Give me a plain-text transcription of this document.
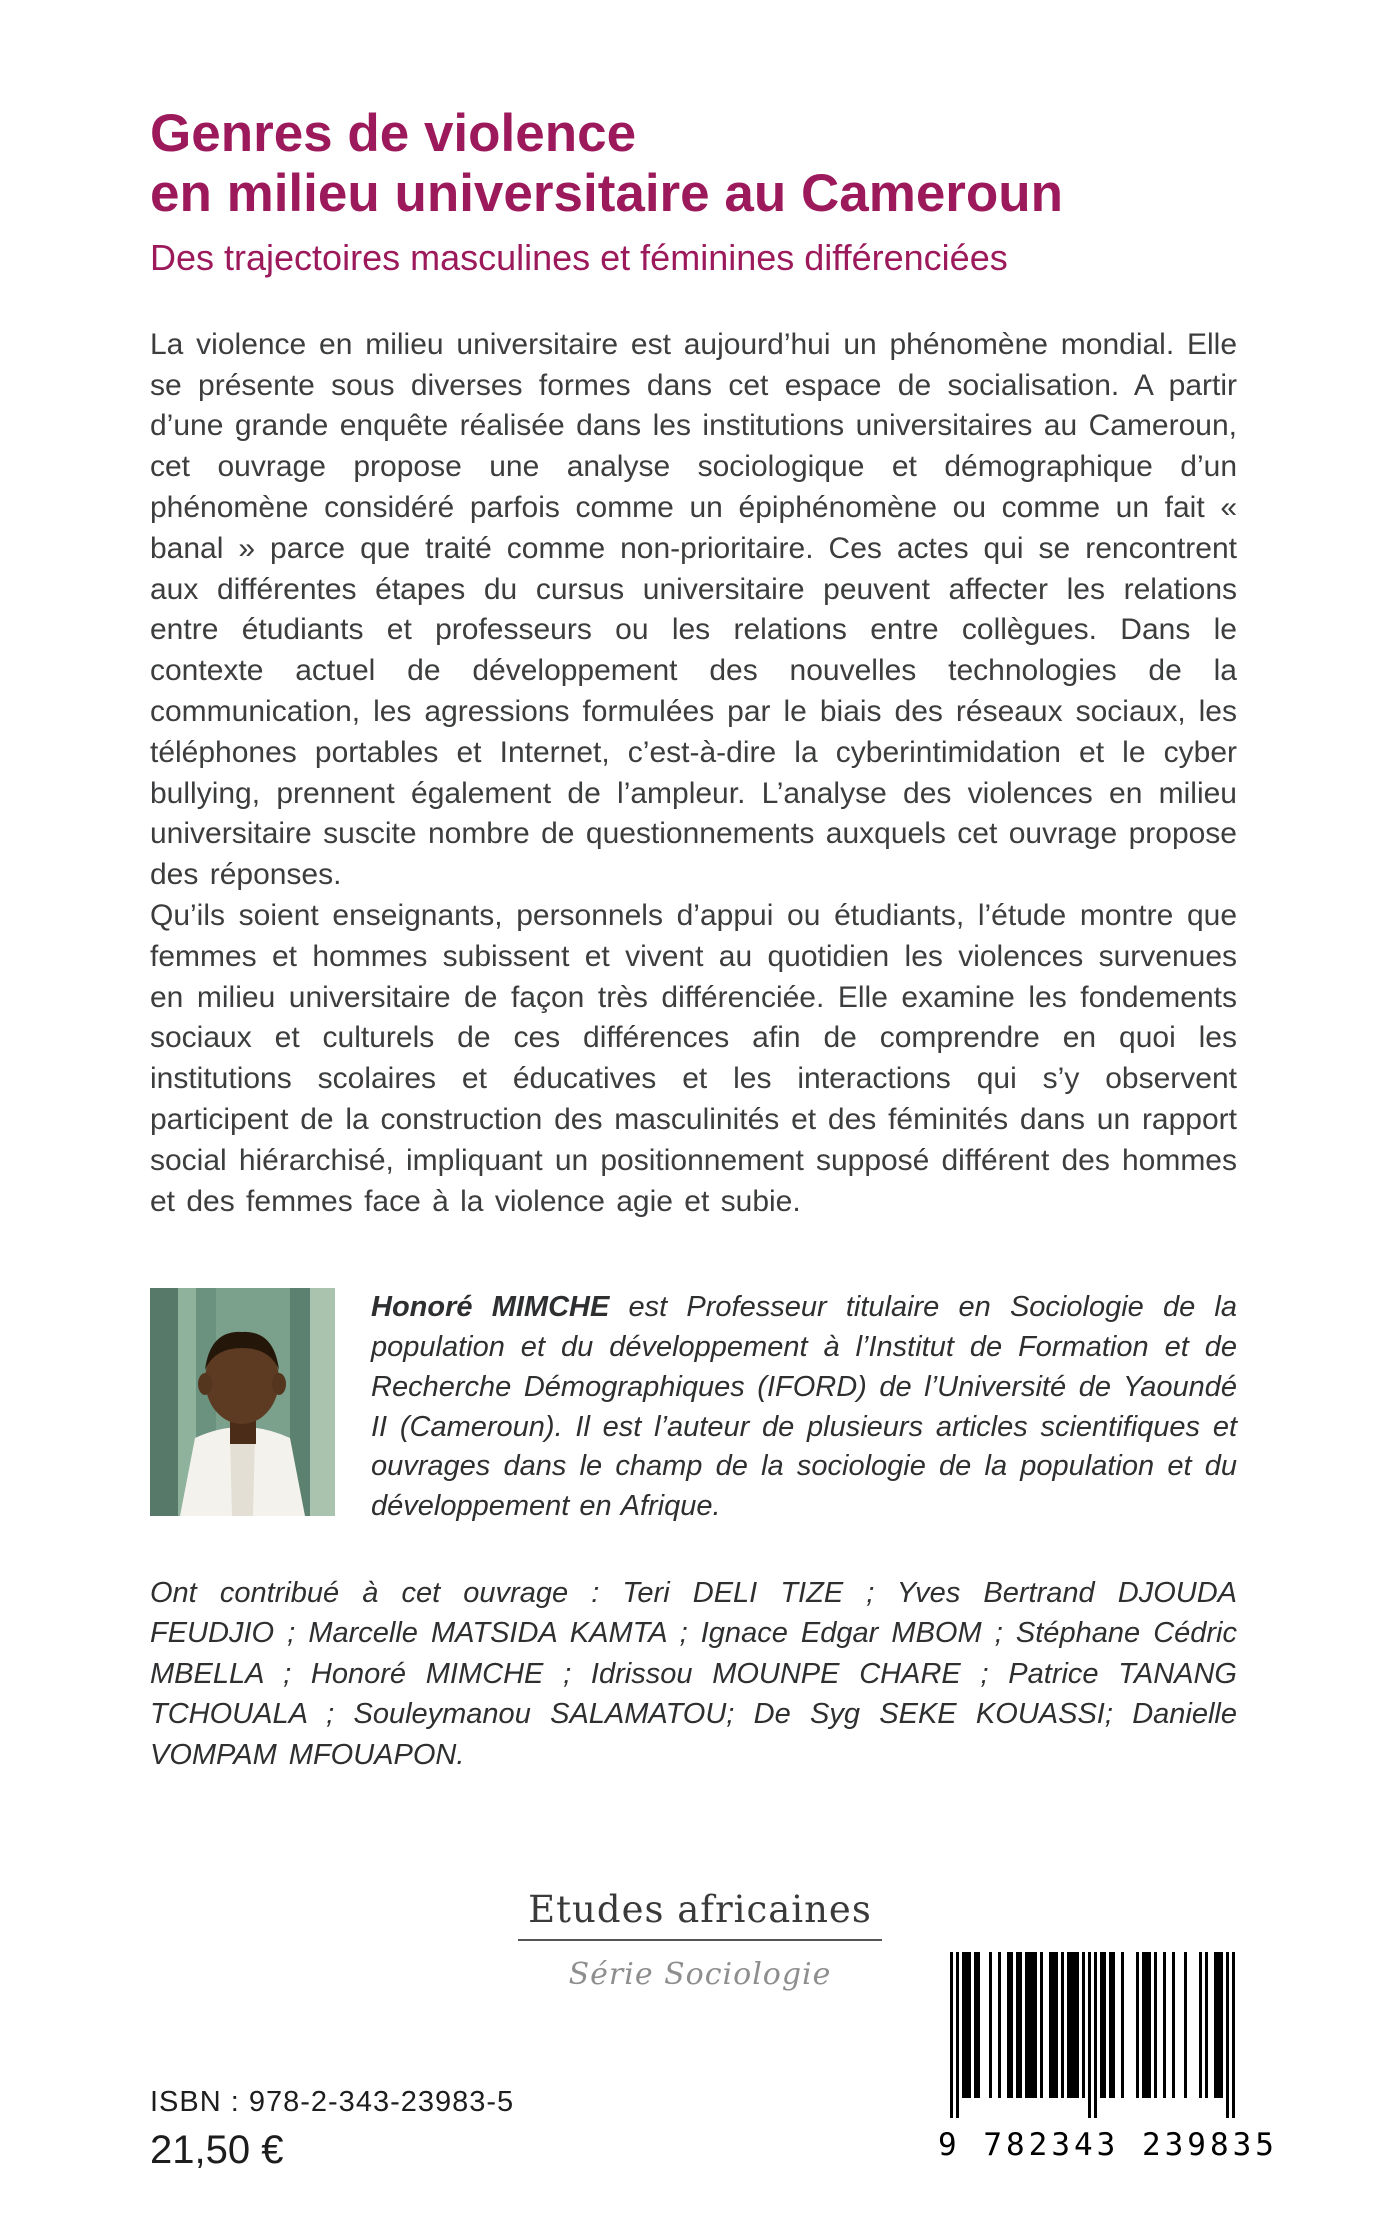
Genres de violence
en milieu universitaire au Cameroun
Des trajectoires masculines et féminines différenciées

La violence en milieu universitaire est aujourd’hui un phénomène mondial. Elle se présente sous diverses formes dans cet espace de socialisation. A partir d’une grande enquête réalisée dans les institutions universitaires au Cameroun, cet ouvrage propose une analyse sociologique et démographique d’un phénomène considéré parfois comme un épiphénomène ou comme un fait « banal » parce que traité comme non-prioritaire. Ces actes qui se rencontrent aux différentes étapes du cursus universitaire peuvent affecter les relations entre étudiants et professeurs ou les relations entre collègues. Dans le contexte actuel de développement des nouvelles technologies de la communication, les agressions formulées par le biais des réseaux sociaux, les téléphones portables et Internet, c’est-à-dire la cyberintimidation et le cyber bullying, prennent également de l’ampleur. L’analyse des violences en milieu universitaire suscite nombre de questionnements auxquels cet ouvrage propose des réponses.

Qu’ils soient enseignants, personnels d’appui ou étudiants, l’étude montre que femmes et hommes subissent et vivent au quotidien les violences survenues en milieu universitaire de façon très différenciée. Elle examine les fondements sociaux et culturels de ces différences afin de comprendre en quoi les institutions scolaires et éducatives et les interactions qui s’y observent participent de la construction des masculinités et des féminités dans un rapport social hiérarchisé, impliquant un positionnement supposé différent des hommes et des femmes face à la violence agie et subie.

Honoré MIMCHE est Professeur titulaire en Sociologie de la population et du développement à l’Institut de Formation et de Recherche Démographiques (IFORD) de l’Université de Yaoundé II (Cameroun). Il est l’auteur de plusieurs articles scientifiques et ouvrages dans le champ de la sociologie de la population et du développement en Afrique.
Ont contribué à cet ouvrage : Teri DELI TIZE ; Yves Bertrand DJOUDA FEUDJIO ; Marcelle MATSIDA KAMTA ; Ignace Edgar MBOM ; Stéphane Cédric MBELLA ; Honoré MIMCHE ; Idrissou MOUNPE CHARE ; Patrice TANANG TCHOUALA ; Souleymanou SALAMATOU; De Syg SEKE KOUASSI; Danielle VOMPAM MFOUAPON.
Etudes africaines
Série Sociologie
ISBN : 978-2-343-23983-5
21,50 €	9 782343 239835
